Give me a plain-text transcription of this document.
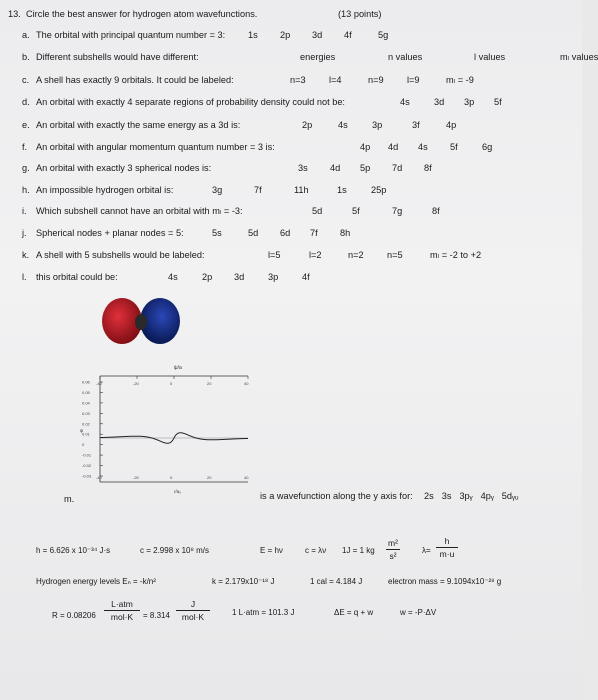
13. Circle the best answer for hydrogen atom wavefunctions.	(13 points)
a. The orbital with principal quantum number = 3: 1s 2p 3d 4f	5g
b. Different subshells would have different:	energies	n values	l values	mₗ values
c. A shell has exactly 9 orbitals. It could be labeled:	n=3	l=4	n=9	l=9	mₗ = -9
d. An orbital with exactly 4 separate regions of probability density could not be:	4s	3d 3p 5f
e. An orbital with exactly the same energy as a 3d is:	2p	4s	3p	3f	4p
f. An orbital with angular momentum quantum number = 3 is:	4p 4d 4s 5f	6g
g. An orbital with exactly 3 spherical nodes is:	3s 4d 5p 7d 8f
h. An impossible hydrogen orbital is:	3g	7f	11h	1s	25p
i. Which subshell cannot have an orbital with mₗ = -3:	5d	5f	7g	8f
j. Spherical nodes + planar nodes = 5:	5s	5d 6d 7f 8h
k. A shell with 5 subshells would be labeled:	l=5	l=2	n=2	n=5	mₗ = -2 to +2
l. this orbital could be:	4s	2p 3d	3p	4f
ψ/a
-40
-40
-20
-20
0
0
20
20
40
40
0.06
0.05
0.04
0.03
0.02
0.01
0
-0.01
-0.02
-0.03
r/a₀
ψ
m.	is a wavefunction along the y axis for: 2s 3s 3pᵧ 4pᵧ 5dᵧᵤ
h = 6.626 x 10⁻³⁴ J·s	c = 2.998 x 10⁸ m/s	E = hν	c = λν 1J = 1 kg
m²
s²
λ=
h
m·u
Hydrogen energy levels Eₙ = -k/n²	k = 2.179x10⁻¹⁸ J	1 cal = 4.184 J	electron mass = 9.1094x10⁻²⁸ g
R = 0.08206
L·atm
mol·K	= 8.314
J
mol·K	1 L·atm = 101.3 J	ΔE = q + w	w = -P·ΔV
